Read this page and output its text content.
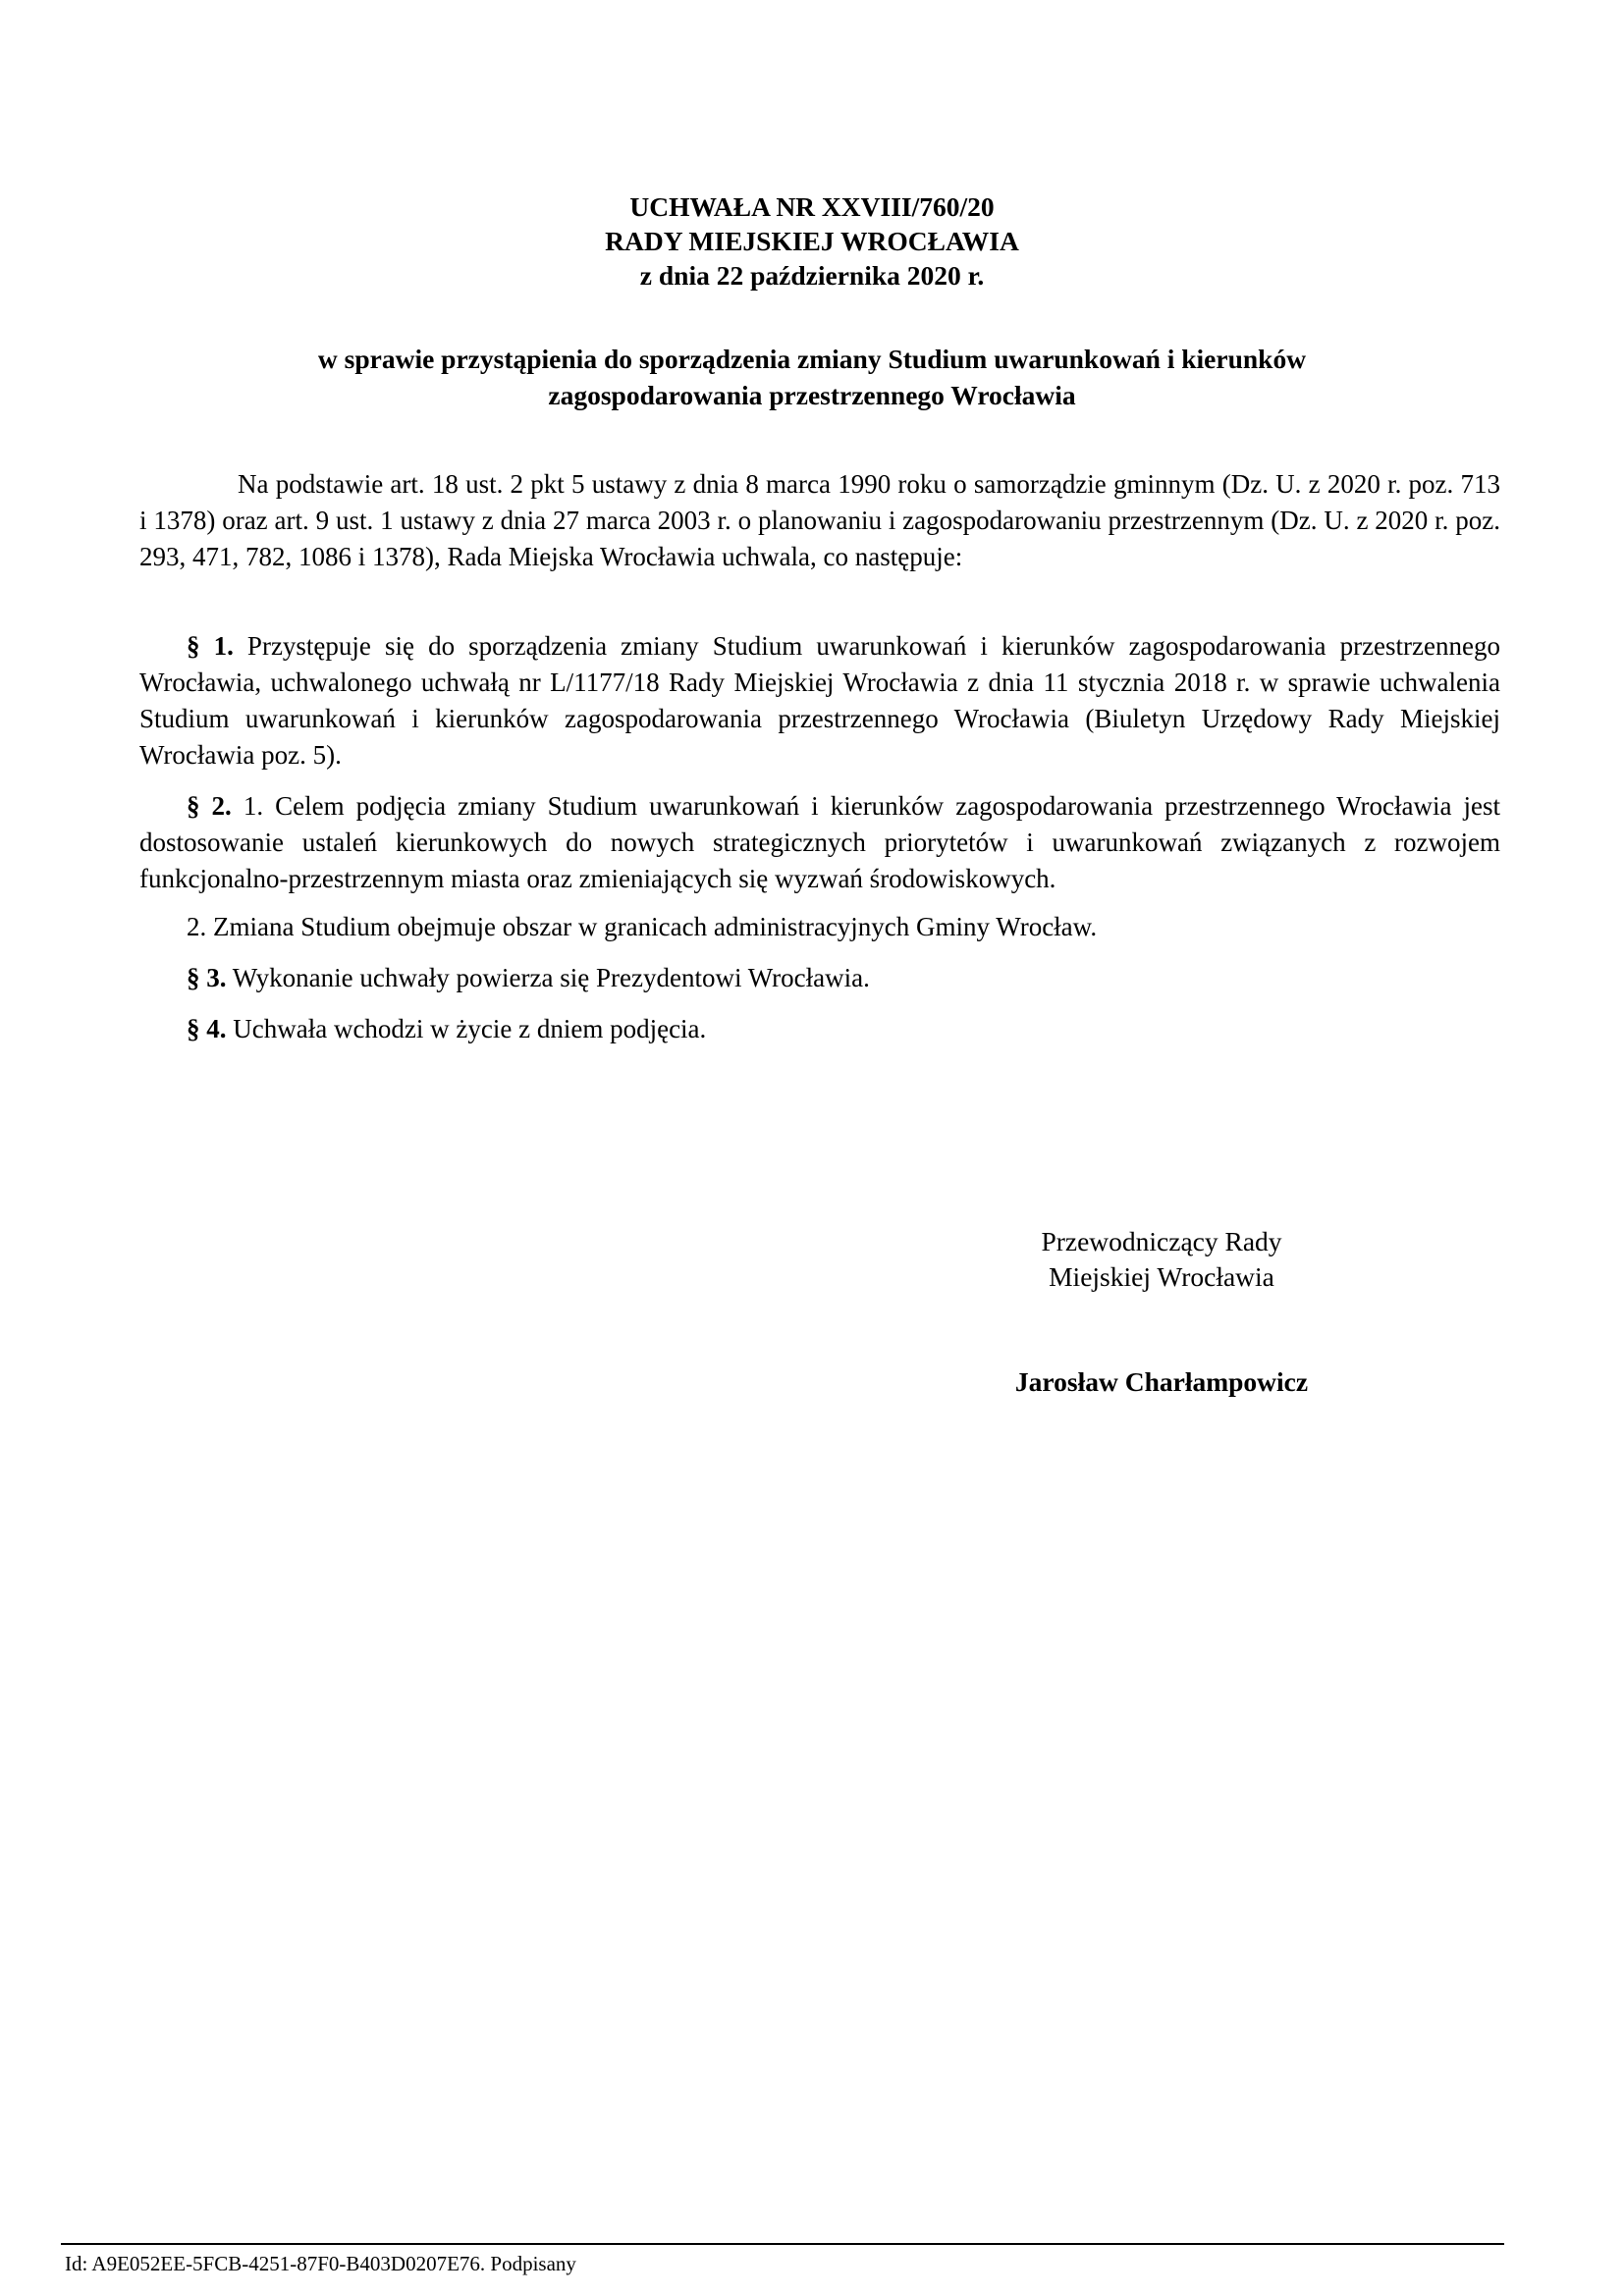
UCHWAŁA NR XXVIII/760/20
RADY MIEJSKIEJ WROCŁAWIA
z dnia 22 października 2020 r.
w sprawie przystąpienia do sporządzenia zmiany Studium uwarunkowań i kierunków
zagospodarowania przestrzennego Wrocławia
Na podstawie art. 18 ust. 2 pkt 5 ustawy z dnia 8 marca 1990 roku o samorządzie gminnym (Dz. U. z 2020 r. poz. 713 i 1378) oraz art. 9 ust. 1 ustawy z dnia 27 marca 2003 r. o planowaniu i zagospodarowaniu przestrzennym (Dz. U. z 2020 r. poz. 293, 471, 782, 1086 i 1378), Rada Miejska Wrocławia uchwala, co następuje:
§ 1. Przystępuje się do sporządzenia zmiany Studium uwarunkowań i kierunków zagospodarowania przestrzennego Wrocławia, uchwalonego uchwałą nr L/1177/18 Rady Miejskiej Wrocławia z dnia 11 stycznia 2018 r. w sprawie uchwalenia Studium uwarunkowań i kierunków zagospodarowania przestrzennego Wrocławia (Biuletyn Urzędowy Rady Miejskiej Wrocławia poz. 5).
§ 2. 1. Celem podjęcia zmiany Studium uwarunkowań i kierunków zagospodarowania przestrzennego Wrocławia jest dostosowanie ustaleń kierunkowych do nowych strategicznych priorytetów i uwarunkowań związanych z rozwojem funkcjonalno-przestrzennym miasta oraz zmieniających się wyzwań środowiskowych.
2. Zmiana Studium obejmuje obszar w granicach administracyjnych Gminy Wrocław.
§ 3. Wykonanie uchwały powierza się Prezydentowi Wrocławia.
§ 4. Uchwała wchodzi w życie z dniem podjęcia.
Przewodniczący Rady
Miejskiej Wrocławia
Jarosław Charłampowicz
Id: A9E052EE-5FCB-4251-87F0-B403D0207E76. Podpisany
